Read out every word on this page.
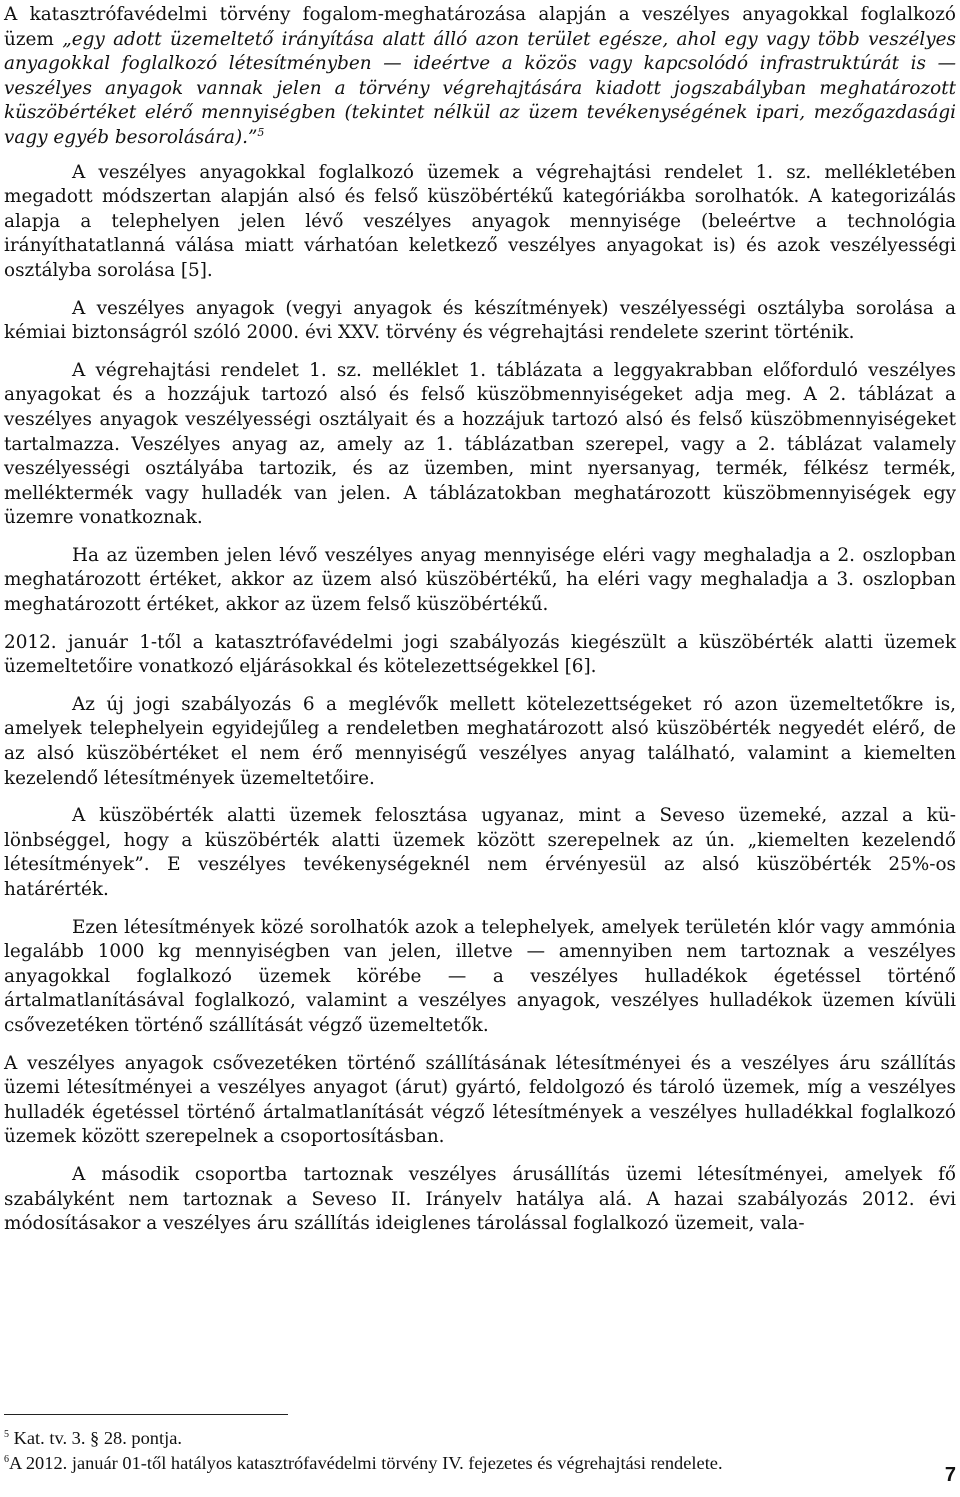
A katasztrófavédelmi törvény fogalom-meghatározása alapján a veszélyes anyagokkal foglalkozó üzem „egy adott üzemeltető irányítása alatt álló azon terület egésze, ahol egy vagy több veszélyes anyagokkal foglalkozó létesítményben — ideértve a közös vagy kapcsolódó infrastruktúrát is — veszélyes anyagok vannak jelen a törvény végrehajtására kiadott jogszabályban meghatározott küszöbértéket elérő mennyiségben (tekintet nélkül az üzem tevékenységének ipari, mezőgazdasági vagy egyéb besorolására).”$^5$

A veszélyes anyagokkal foglalkozó üzemek a végrehajtási rendelet 1. sz. mellékletében megadott módszertan alapján alsó és felső küszöbértékű kategóriákba sorolhatók. A kategorizálás alapja a telephelyen jelen lévő veszélyes anyagok mennyisége (beleértve a technológia irányíthatatlanná válása miatt várhatóan keletkező veszélyes anyagokat is) és azok veszélyességi osztályba sorolása [5].

A veszélyes anyagok (vegyi anyagok és készítmények) veszélyességi osztályba sorolása a kémiai biztonságról szóló 2000. évi XXV. törvény és végrehajtási rendelete szerint történik.

A végrehajtási rendelet 1. sz. melléklet 1. táblázata a leggyakrabban előforduló veszélyes anyagokat és a hozzájuk tartozó alsó és felső küszöbmennyiségeket adja meg. A 2. táblázat a veszélyes anyagok veszélyességi osztályait és a hozzájuk tartozó alsó és felső küszöbmennyiségeket tartalmazza. Veszélyes anyag az, amely az 1. táblázatban szerepel, vagy a 2. táblázat valamely veszélyességi osztályába tartozik, és az üzemben, mint nyersanyag, termék, félkész termék, melléktermék vagy hulladék van jelen. A táblázatokban meghatározott küszöbmennyiségek egy üzemre vonatkoznak.

Ha az üzemben jelen lévő veszélyes anyag mennyisége eléri vagy meghaladja a 2. oszlopban meghatározott értéket, akkor az üzem alsó küszöbértékű, ha eléri vagy meghaladja a 3. oszlopban meghatározott értéket, akkor az üzem felső küszöbértékű.

2012. január 1-től a katasztrófavédelmi jogi szabályozás kiegészült a küszöbérték alatti üzemek üzemeltetőire vonatkozó eljárásokkal és kötelezettségekkel [6].

Az új jogi szabályozás 6 a meglévők mellett kötelezettségeket ró azon üzemeltetőkre is, amelyek telephelyein egyidejűleg a rendeletben meghatározott alsó küszöbérték negyedét elérő, de az alsó küszöbértéket el nem érő mennyiségű veszélyes anyag található, valamint a kiemelten kezelendő létesítmények üzemeltetőire.

A küszöbérték alatti üzemek felosztása ugyanaz, mint a Seveso üzemeké, azzal a különbséggel, hogy a küszöbérték alatti üzemek között szerepelnek az ún. „kiemelten kezelendő létesítmények”. E veszélyes tevékenységeknél nem érvényesül az alsó küszöbérték 25%-os határérték.

Ezen létesítmények közé sorolhatók azok a telephelyek, amelyek területén klór vagy ammónia legalább 1000 kg mennyiségben van jelen, illetve — amennyiben nem tartoznak a veszélyes anyagokkal foglalkozó üzemek körébe — a veszélyes hulladékok égetéssel történő ártalmatlanításával foglalkozó, valamint a veszélyes anyagok, veszélyes hulladékok üzemen kívüli csővezetéken történő szállítását végző üzemeltetők.

A veszélyes anyagok csővezetéken történő szállításának létesítményei és a veszélyes áru szállítás üzemi létesítményei a veszélyes anyagot (árut) gyártó, feldolgozó és tároló üzemek, míg a veszélyes hulladék égetéssel történő ártalmatlanítását végző létesítmények a veszélyes hulladékkal foglalkozó üzemek között szerepelnek a csoportosításban.

A második csoportba tartoznak veszélyes árusállítás üzemi létesítményei, amelyek fő szabályként nem tartoznak a Seveso II. Irányelv hatálya alá. A hazai szabályozás 2012. évi módosításakor a veszélyes áru szállítás ideiglenes tárolással foglalkozó üzemeit, vala-

$^5$ Kat. tv. 3. § 28. pontja.

$^6$A 2012. január 01-től hatályos katasztrófavédelmi törvény IV. fejezetes és végrehajtási rendelete.

7
